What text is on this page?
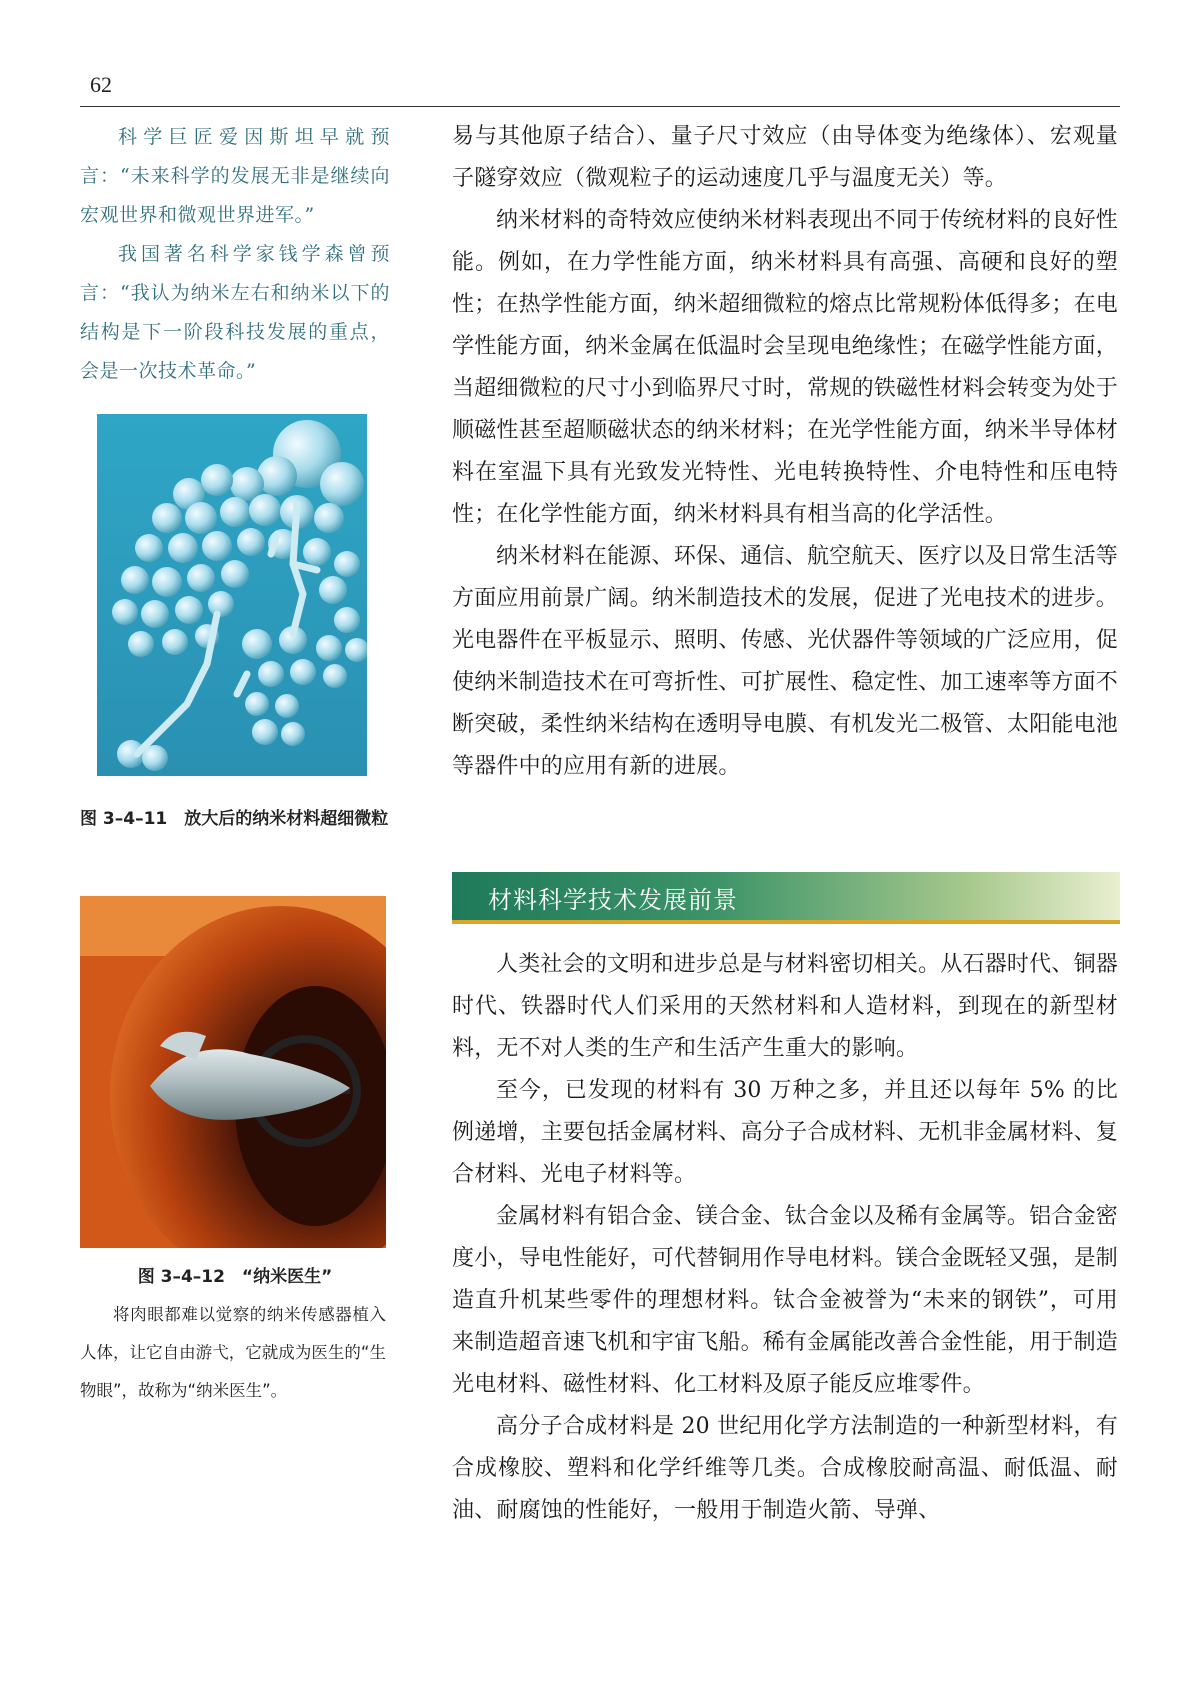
62

科学巨匠爱因斯坦早就预言：“未来科学的发展无非是继续向宏观世界和微观世界进军。”

我国著名科学家钱学森曾预言：“我认为纳米左右和纳米以下的结构是下一阶段科技发展的重点，会是一次技术革命。”

图 3–4–11　放大后的纳米材料超细微粒

图 3–4–12　“纳米医生”

将肉眼都难以觉察的纳米传感器植入人体，让它自由游弋，它就成为医生的“生物眼”，故称为“纳米医生”。

易与其他原子结合）、量子尺寸效应（由导体变为绝缘体）、宏观量子隧穿效应（微观粒子的运动速度几乎与温度无关）等。

纳米材料的奇特效应使纳米材料表现出不同于传统材料的良好性能。例如，在力学性能方面，纳米材料具有高强、高硬和良好的塑性；在热学性能方面，纳米超细微粒的熔点比常规粉体低得多；在电学性能方面，纳米金属在低温时会呈现电绝缘性；在磁学性能方面，当超细微粒的尺寸小到临界尺寸时，常规的铁磁性材料会转变为处于顺磁性甚至超顺磁状态的纳米材料；在光学性能方面，纳米半导体材料在室温下具有光致发光特性、光电转换特性、介电特性和压电特性；在化学性能方面，纳米材料具有相当高的化学活性。

纳米材料在能源、环保、通信、航空航天、医疗以及日常生活等方面应用前景广阔。纳米制造技术的发展，促进了光电技术的进步。光电器件在平板显示、照明、传感、光伏器件等领域的广泛应用，促使纳米制造技术在可弯折性、可扩展性、稳定性、加工速率等方面不断突破，柔性纳米结构在透明导电膜、有机发光二极管、太阳能电池等器件中的应用有新的进展。

材料科学技术发展前景

人类社会的文明和进步总是与材料密切相关。从石器时代、铜器时代、铁器时代人们采用的天然材料和人造材料，到现在的新型材料，无不对人类的生产和生活产生重大的影响。

至今，已发现的材料有 30 万种之多，并且还以每年 5% 的比例递增，主要包括金属材料、高分子合成材料、无机非金属材料、复合材料、光电子材料等。

金属材料有铝合金、镁合金、钛合金以及稀有金属等。铝合金密度小，导电性能好，可代替铜用作导电材料。镁合金既轻又强，是制造直升机某些零件的理想材料。钛合金被誉为“未来的钢铁”，可用来制造超音速飞机和宇宙飞船。稀有金属能改善合金性能，用于制造光电材料、磁性材料、化工材料及原子能反应堆零件。

高分子合成材料是 20 世纪用化学方法制造的一种新型材料，有合成橡胶、塑料和化学纤维等几类。合成橡胶耐高温、耐低温、耐油、耐腐蚀的性能好，一般用于制造火箭、导弹、
